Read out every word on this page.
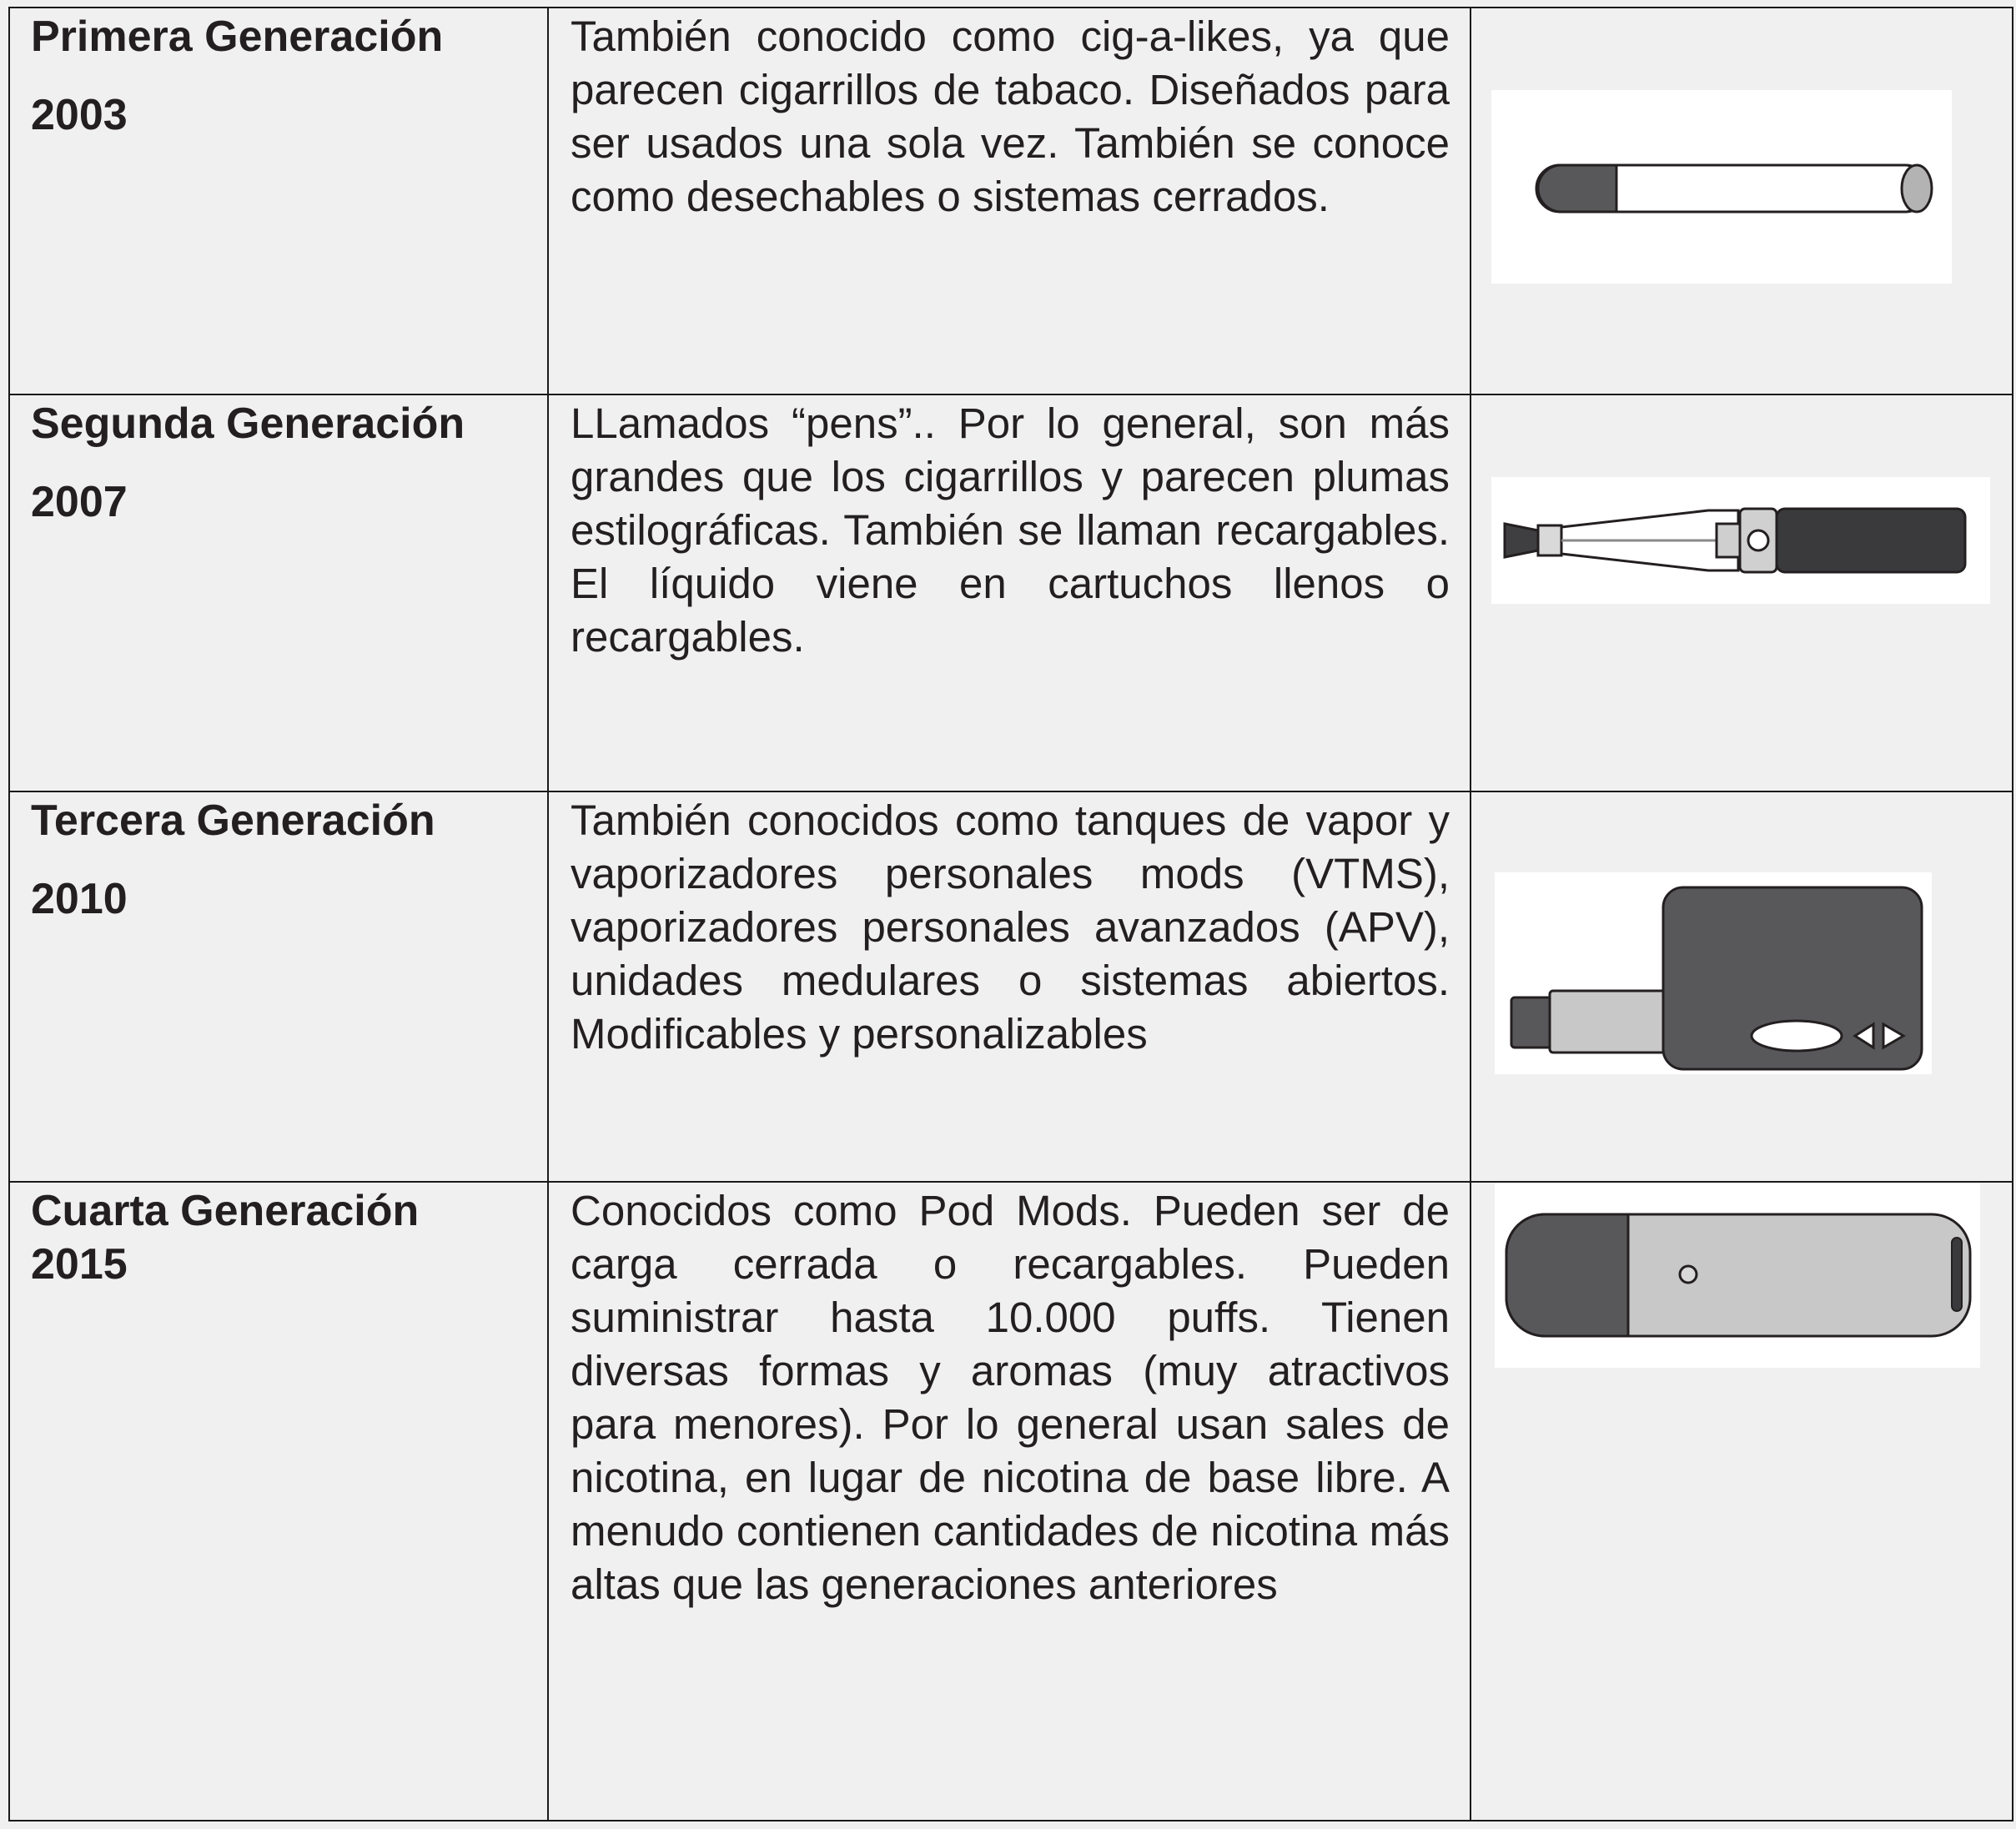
Primera Generación

2003

También conocido como cig-a-likes, ya que parecen cigarrillos de tabaco. Diseñados para ser usados una sola vez. También se conoce como desechables o sistemas cerrados.

Segunda Generación

2007

LLamados “pens”.. Por lo general, son más grandes que los cigarrillos y parecen plumas estilográficas. También se llaman recargables. El líquido viene en cartuchos llenos o recargables.

Tercera Generación

2010

También conocidos como tanques de vapor y vaporizadores personales mods (VTMS), vaporizadores personales avanzados (APV), unidades medulares o sistemas abiertos. Modificables y personalizables

Cuarta Generación

2015

Conocidos como Pod Mods. Pueden ser de carga cerrada o recargables. Pueden suministrar hasta 10.000 puffs. Tienen diversas formas y aromas (muy atractivos para menores). Por lo general usan sales de nicotina, en lugar de nicotina de base libre. A menudo contienen cantidades de nicotina más altas que las generaciones anteriores
